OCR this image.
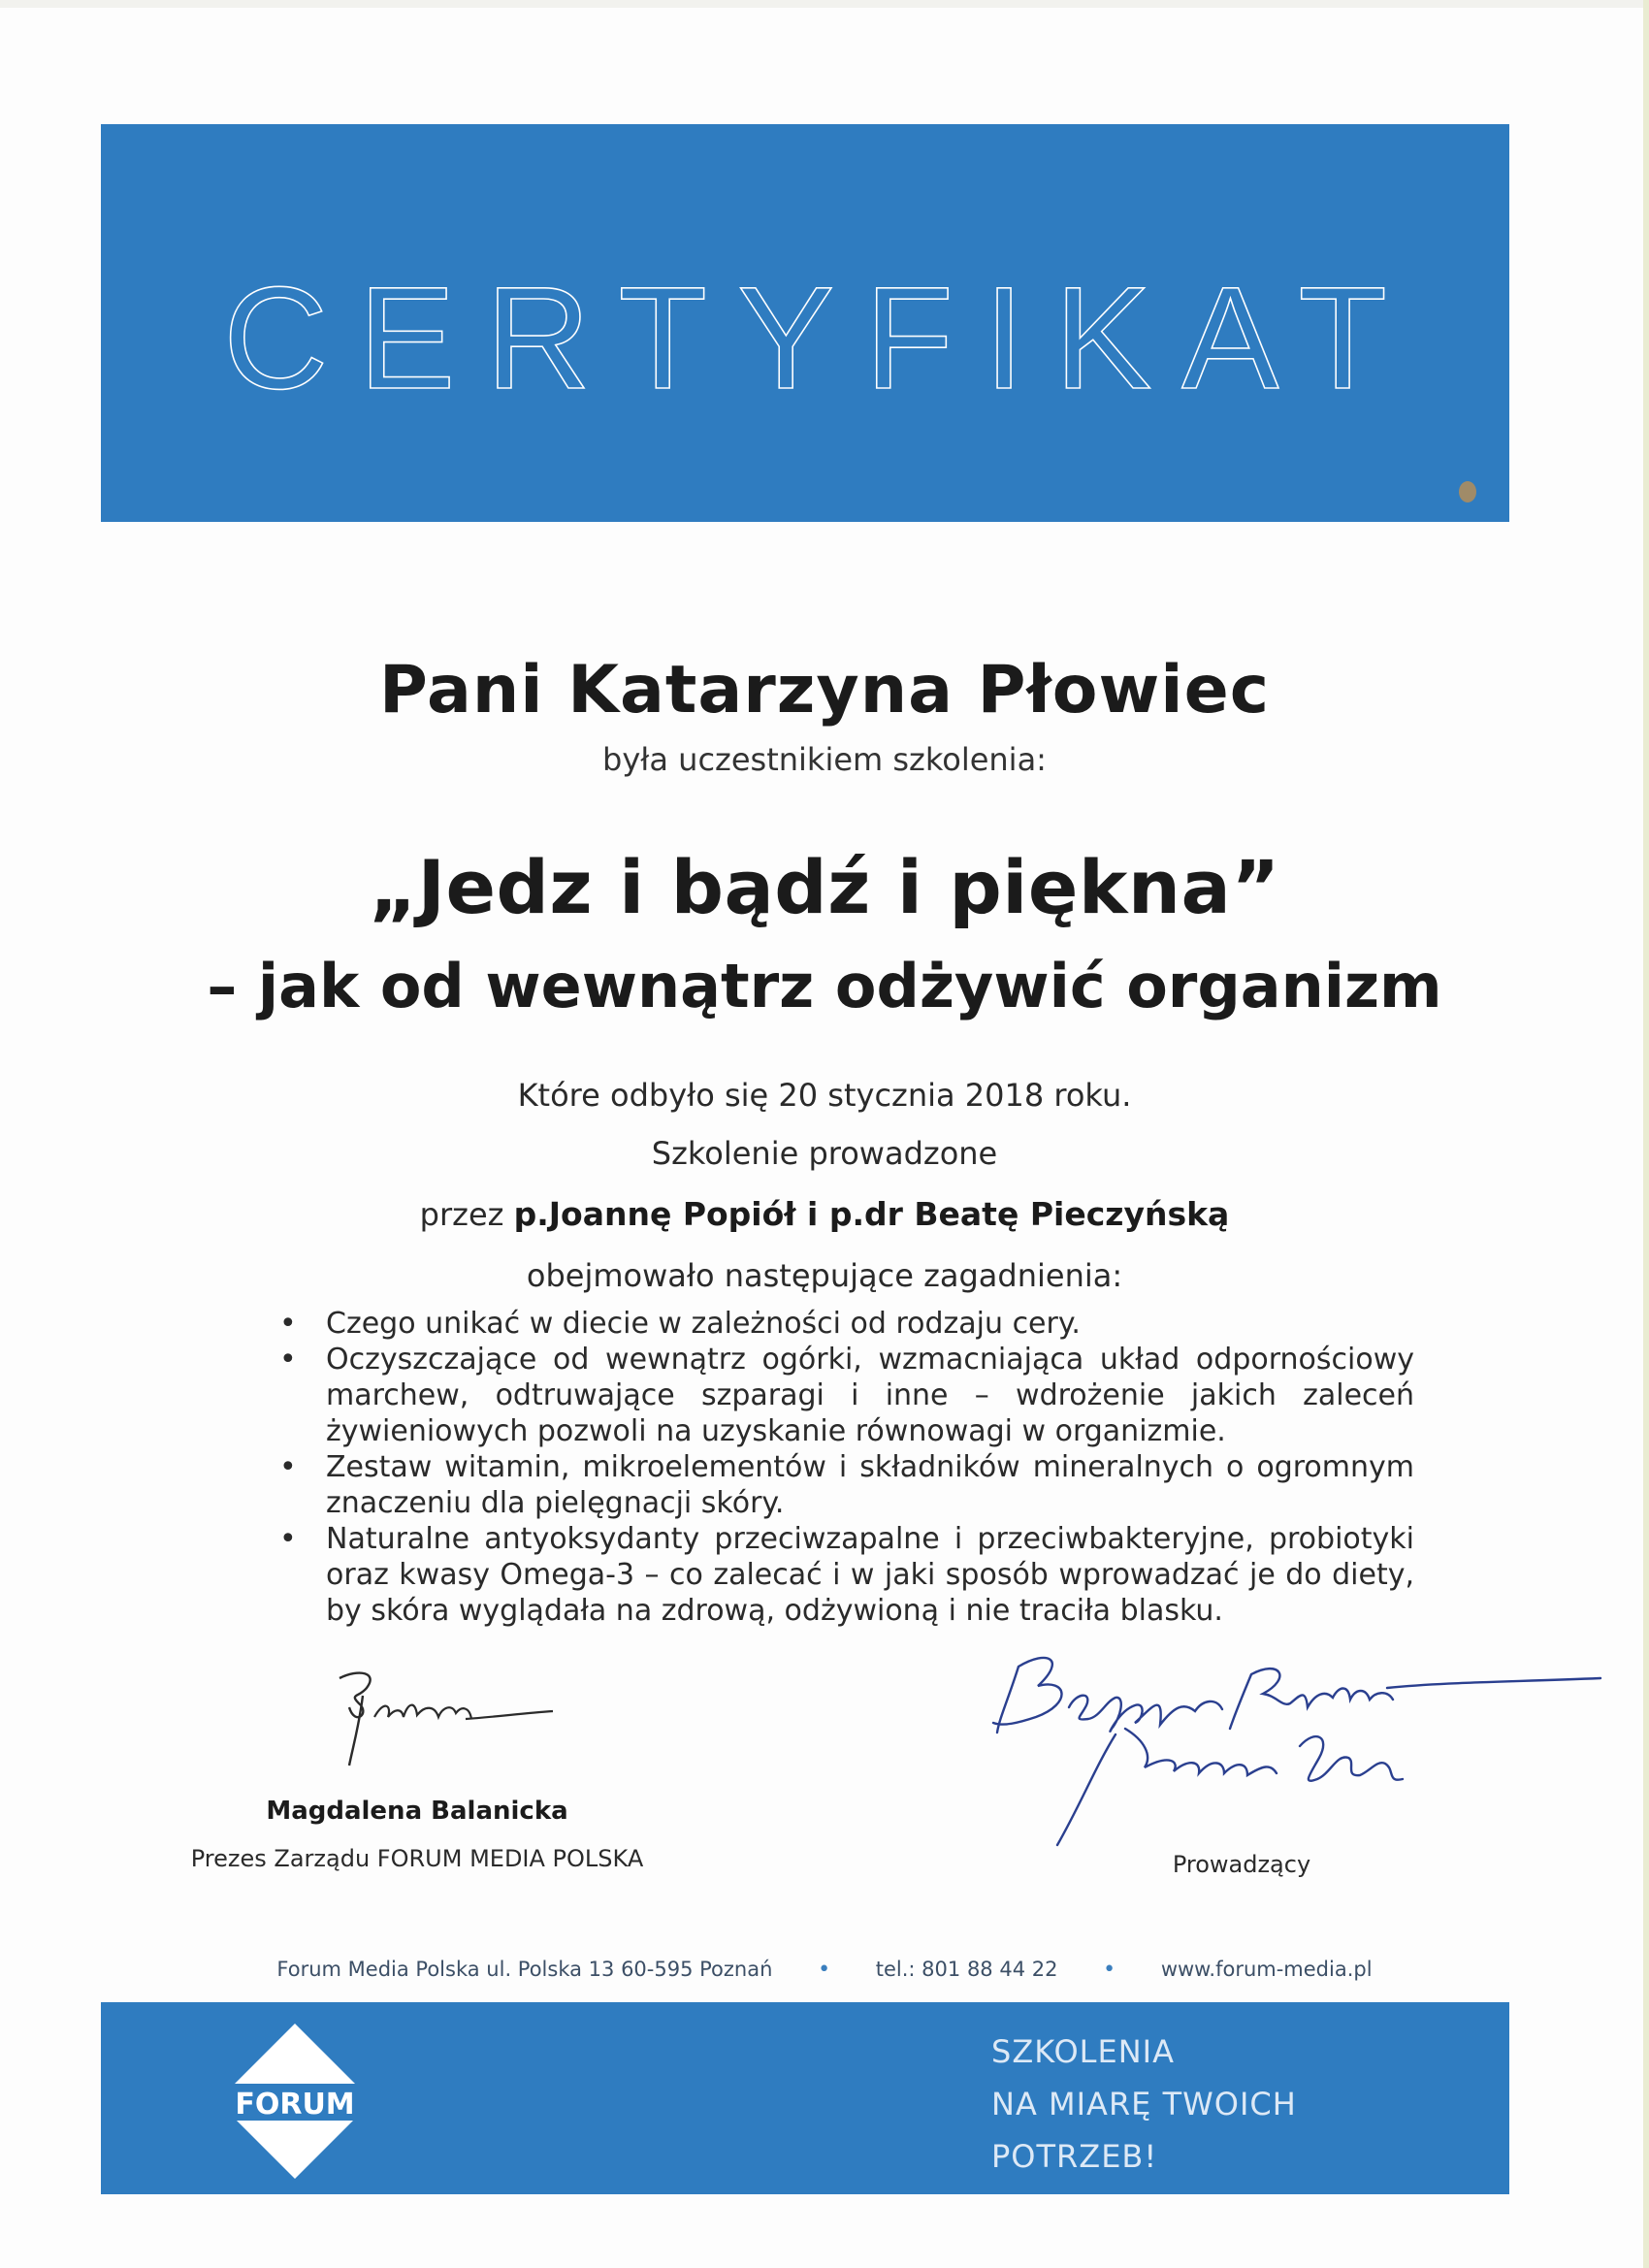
CERTYFIKAT
Pani Katarzyna Płowiec
była uczestnikiem szkolenia:
„Jedz i bądź i piękna”
– jak od wewnątrz odżywić organizm
Które odbyło się 20 stycznia 2018 roku.
Szkolenie prowadzone
przez p.Joannę Popiół i p.dr Beatę Pieczyńską
obejmowało następujące zagadnienia:
• Czego unikać w diecie w zależności od rodzaju cery.
• Oczyszczające od wewnątrz ogórki, wzmacniająca układ odpornościowy marchew, odtruwające szparagi i inne – wdrożenie jakich zaleceń żywieniowych pozwoli na uzyskanie równowagi w organizmie.
• Zestaw witamin, mikroelementów i składników mineralnych o ogromnym znaczeniu dla pielęgnacji skóry.
• Naturalne antyoksydanty przeciwzapalne i przeciwbakteryjne, probiotyki oraz kwasy Omega-3 – co zalecać i w jaki sposób wprowadzać je do diety, by skóra wyglądała na zdrową, odżywioną i nie traciła blasku.
Magdalena Balanicka
Prezes Zarządu FORUM MEDIA POLSKA	Prowadzący
Forum Media Polska ul. Polska 13 60-595 Poznań • tel.: 801 88 44 22 • www.forum-media.pl
FORUM
SZKOLENIA
NA MIARĘ TWOICH
POTRZEB!
